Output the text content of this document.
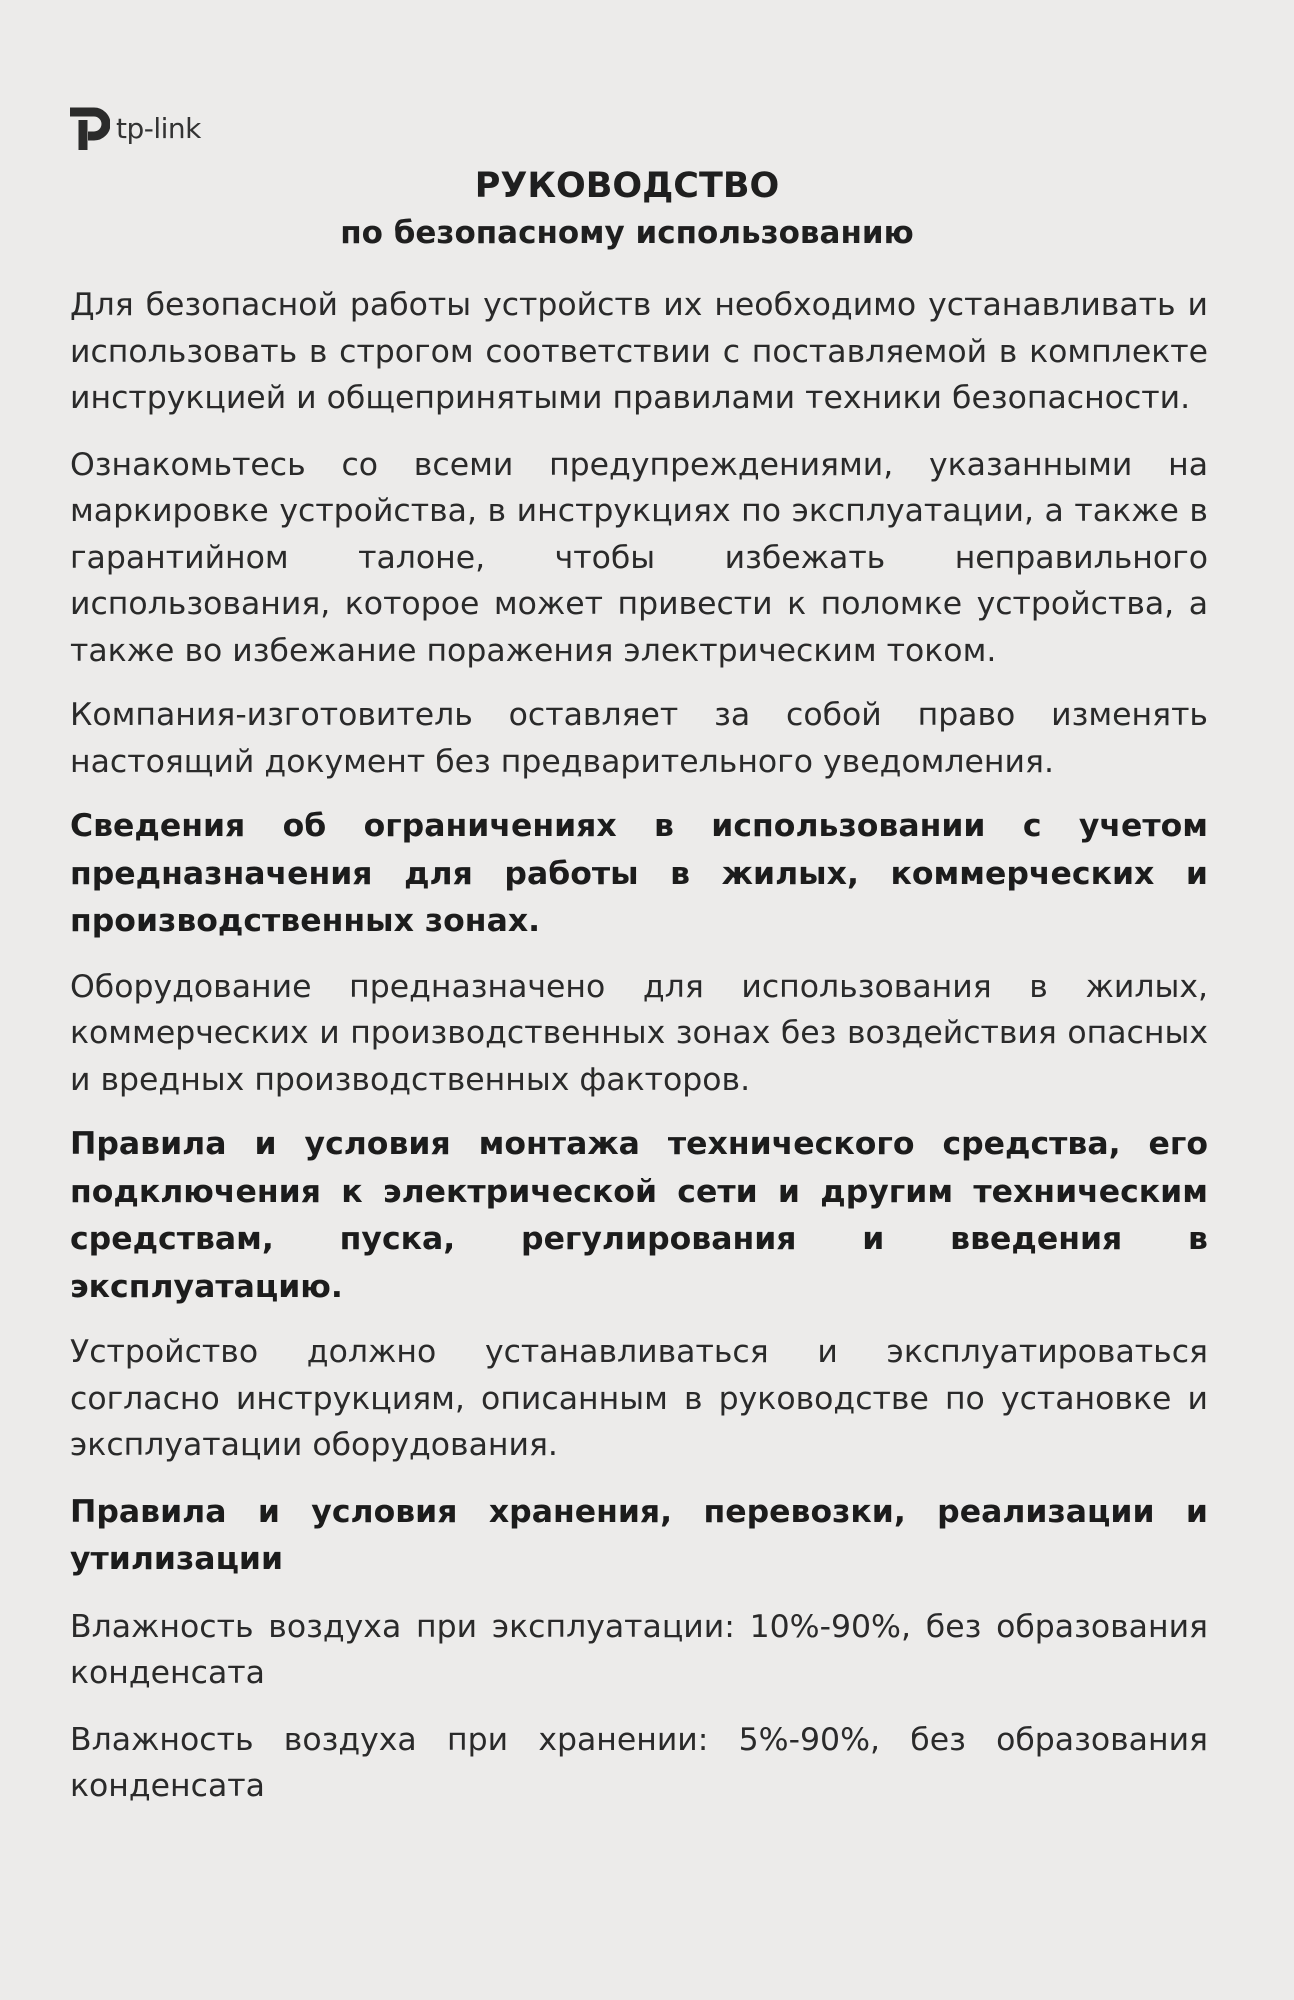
tp-link
РУКОВОДСТВО
по безопасному использованию

Для безопасной работы устройств их необходимо устанавливать и использовать в строгом соответствии с поставляемой в комплекте инструкцией и общепринятыми правилами техники безопасности.

Ознакомьтесь со всеми предупреждениями, указанными на маркировке устройства, в инструкциях по эксплуатации, а также в гарантийном талоне, чтобы избежать неправильного использования, которое может привести к поломке устройства, а также во избежание поражения электрическим током.

Компания-изготовитель оставляет за собой право изменять настоящий документ без предварительного уведомления.

Сведения об ограничениях в использовании с учетом предназначения для работы в жилых, коммерческих и производственных зонах.

Оборудование предназначено для использования в жилых, коммерческих и производственных зонах без воздействия опасных и вредных производственных факторов.

Правила и условия монтажа технического средства, его подключения к электрической сети и другим техническим средствам, пуска, регулирования и введения в эксплуатацию.

Устройство должно устанавливаться и эксплуатироваться согласно инструкциям, описанным в руководстве по установке и эксплуатации оборудования.

Правила и условия хранения, перевозки, реализации и утилизации

Влажность воздуха при эксплуатации: 10%-90%, без образования конденсата

Влажность воздуха при хранении: 5%-90%, без образования конденсата
